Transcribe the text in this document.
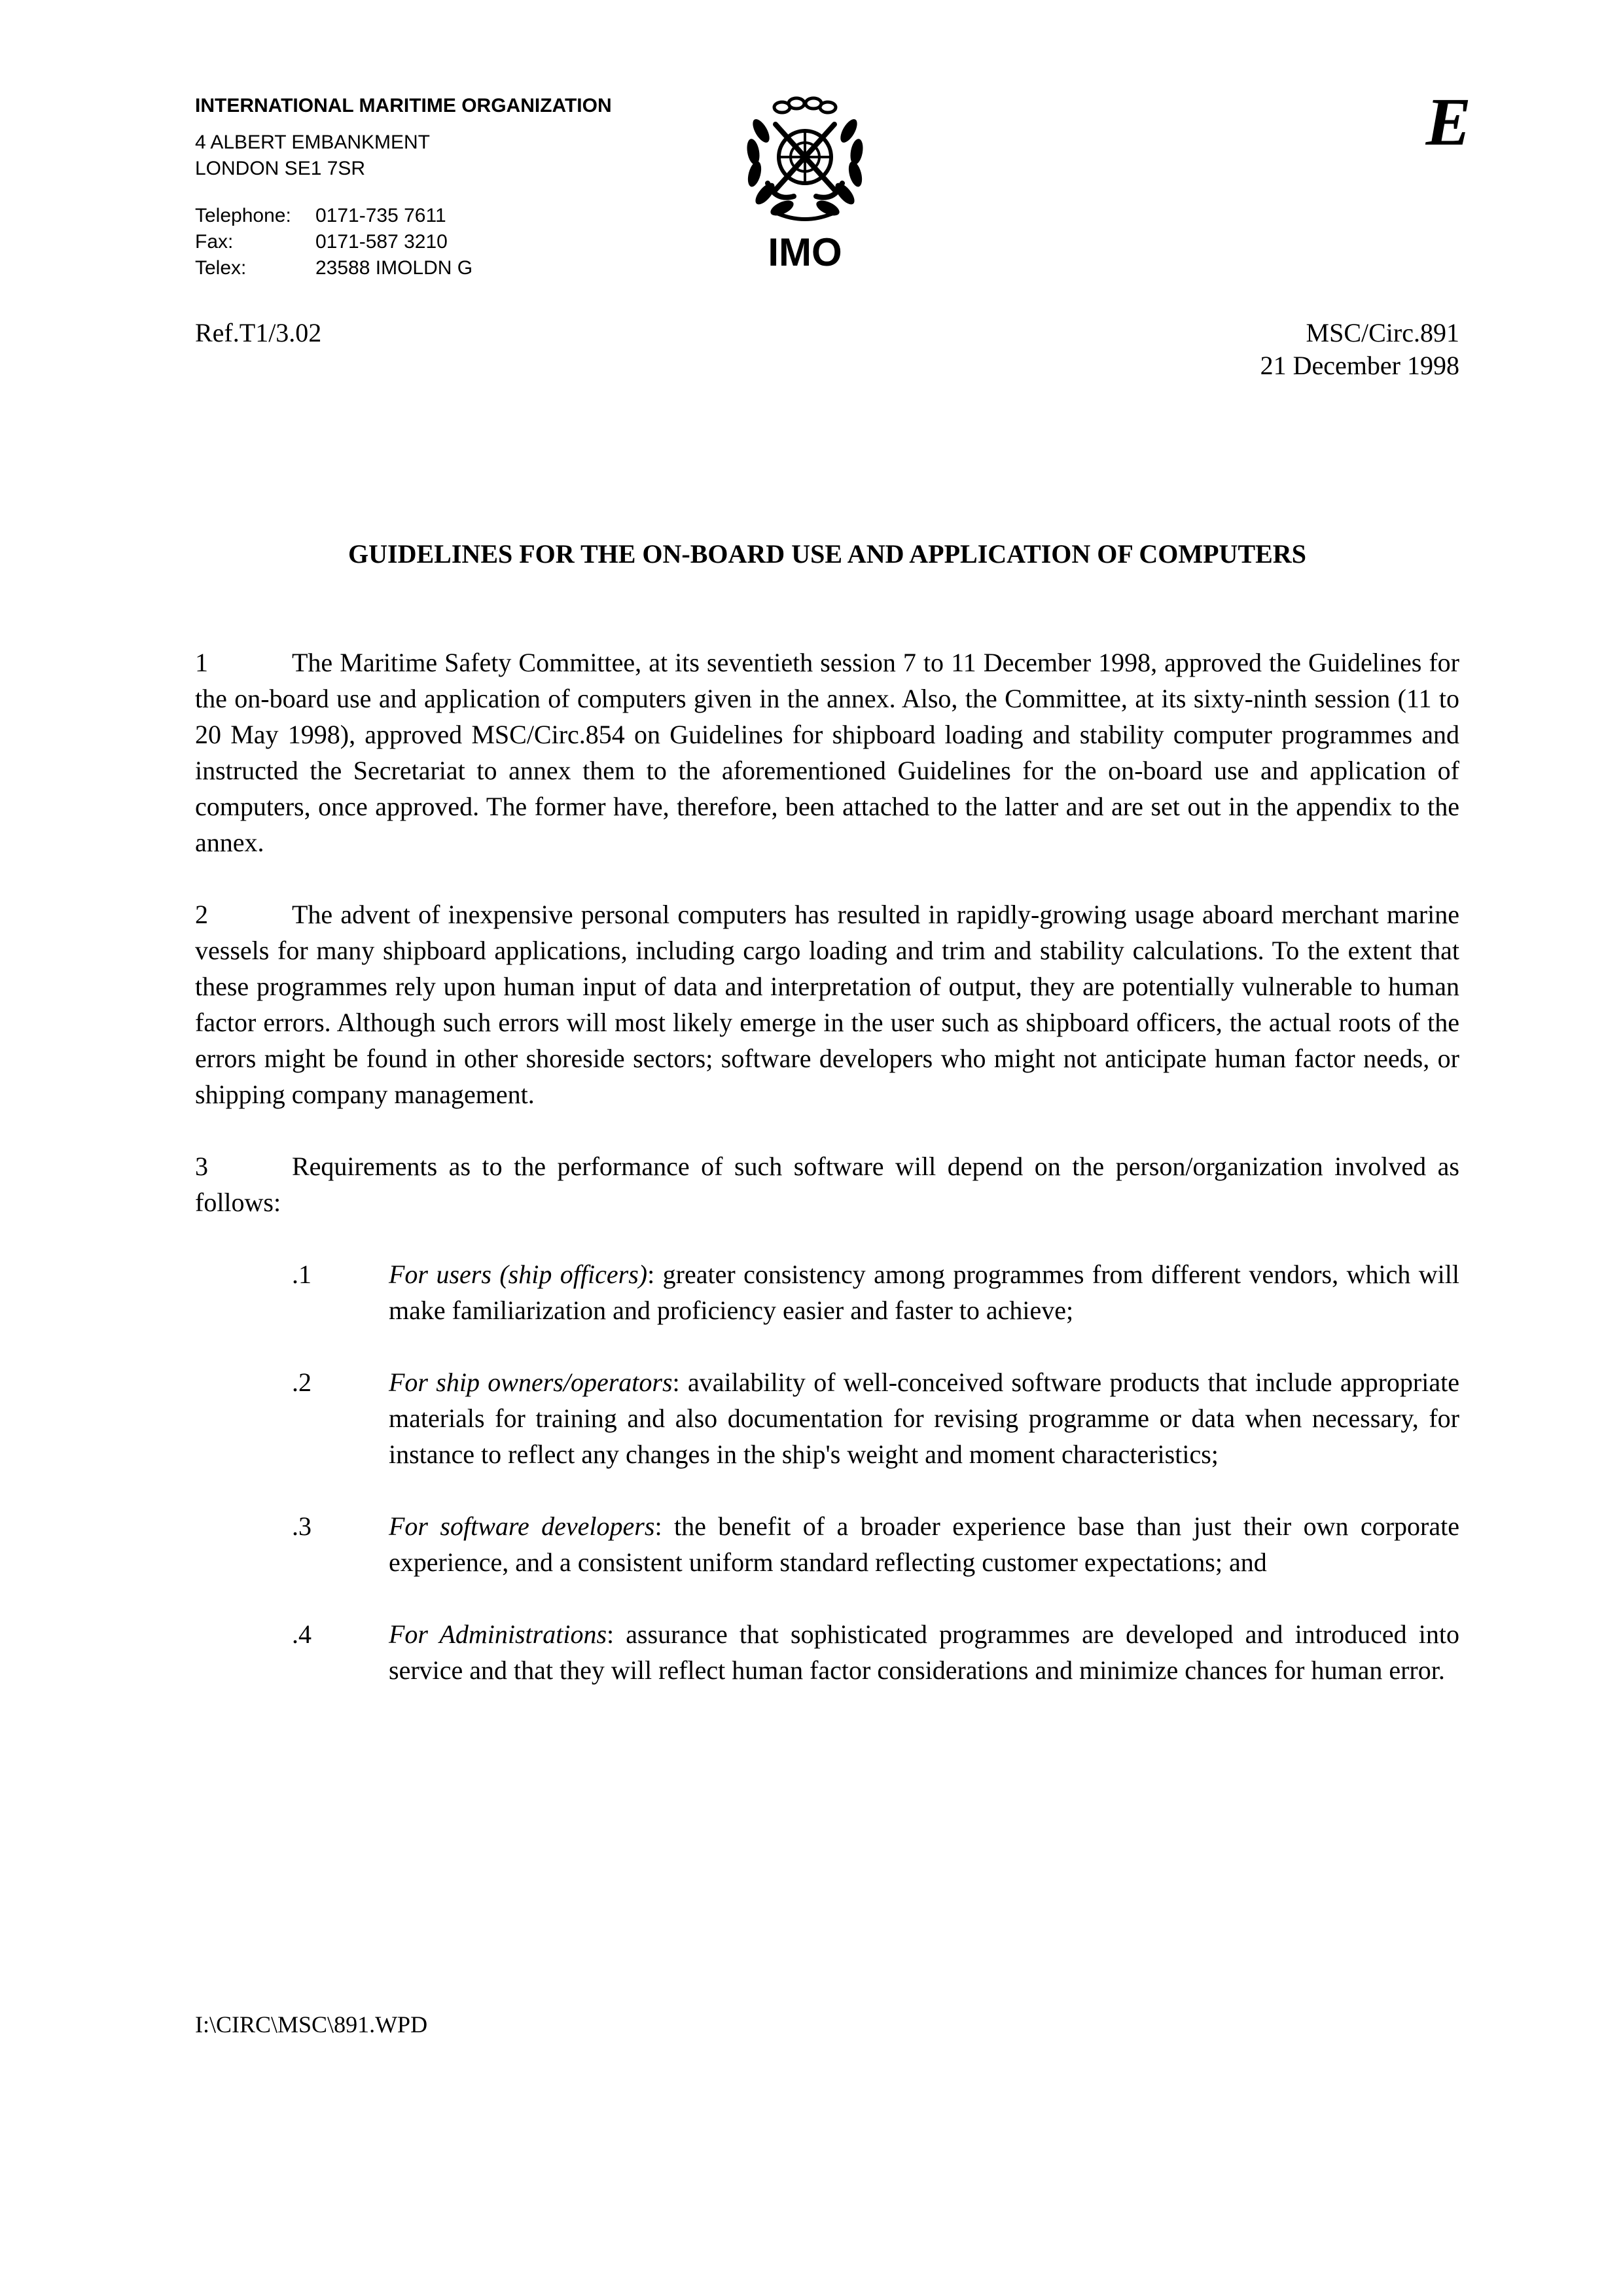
INTERNATIONAL MARITIME ORGANIZATION
4 ALBERT EMBANKMENT
LONDON SE1 7SR
Telephone:	0171-735 7611
Fax:	0171-587 3210
Telex:	23588 IMOLDN G	IMO
E
Ref.T1/3.02	MSC/Circ.891
21 December 1998
GUIDELINES FOR THE ON-BOARD USE AND APPLICATION OF COMPUTERS

1	The Maritime Safety Committee, at its seventieth session 7 to 11 December 1998, approved the Guidelines for the on-board use and application of computers given in the annex. Also, the Committee, at its sixty-ninth session (11 to 20 May 1998), approved MSC/Circ.854 on Guidelines for shipboard loading and stability computer programmes and instructed the Secretariat to annex them to the aforementioned Guidelines for the on-board use and application of computers, once approved. The former have, therefore, been attached to the latter and are set out in the appendix to the annex.

2	The advent of inexpensive personal computers has resulted in rapidly-growing usage aboard merchant marine vessels for many shipboard applications, including cargo loading and trim and stability calculations. To the extent that these programmes rely upon human input of data and interpretation of output, they are potentially vulnerable to human factor errors. Although such errors will most likely emerge in the user such as shipboard officers, the actual roots of the errors might be found in other shoreside sectors; software developers who might not anticipate human factor needs, or shipping company management.

3	Requirements as to the performance of such software will depend on the person/organization involved as follows:

.1	For users (ship officers): greater consistency among programmes from different vendors, which will make familiarization and proficiency easier and faster to achieve;
.2	For ship owners/operators: availability of well-conceived software products that include appropriate materials for training and also documentation for revising programme or data when necessary, for instance to reflect any changes in the ship's weight and moment characteristics;
.3	For software developers: the benefit of a broader experience base than just their own corporate experience, and a consistent uniform standard reflecting customer expectations; and
.4	For Administrations: assurance that sophisticated programmes are developed and introduced into service and that they will reflect human factor considerations and minimize chances for human error.
I:\CIRC\MSC\891.WPD
